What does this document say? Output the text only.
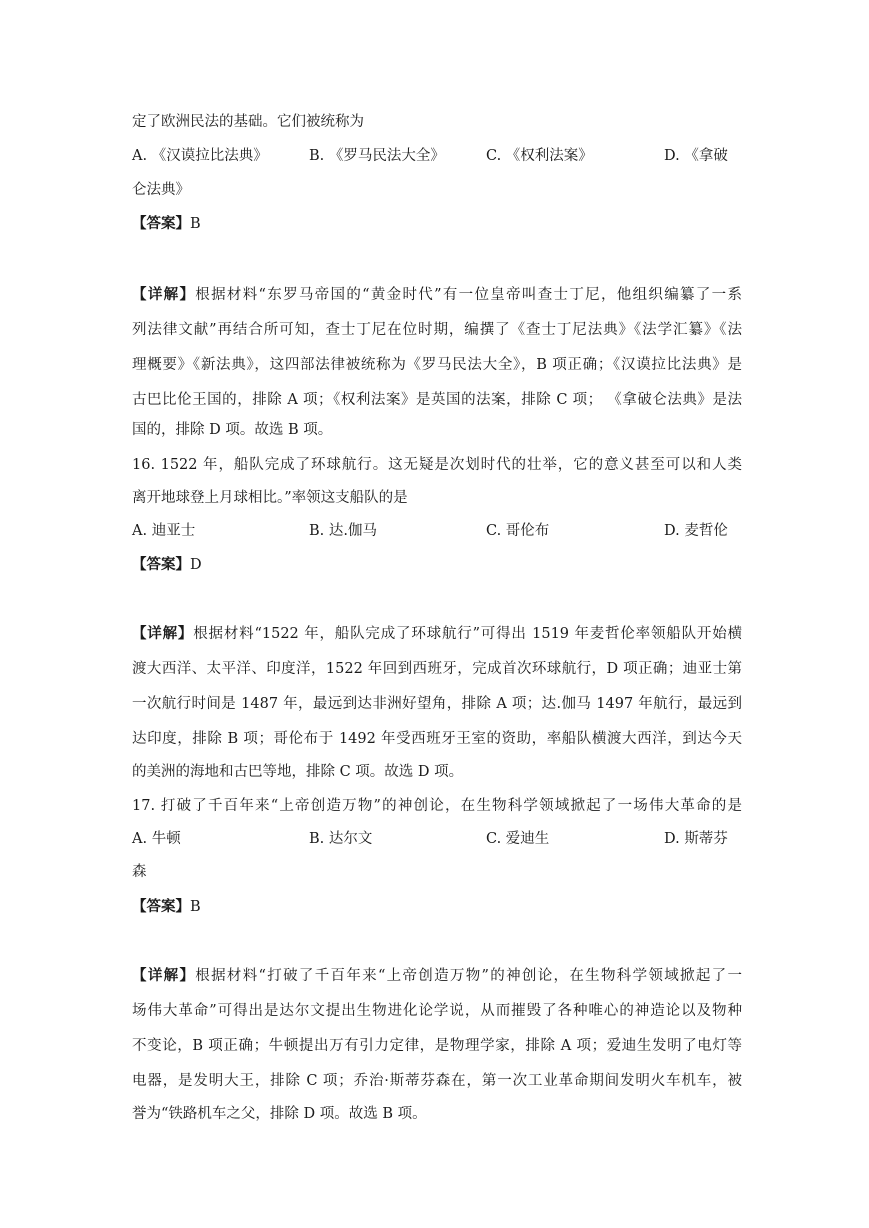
定了欧洲民法的基础。它们被统称为
A. 《汉谟拉比法典》	B. 《罗马民法大全》	C. 《权利法案》	D. 《拿破
仑法典》
【答案】B
【详解】根据材料“东罗马帝国的“黄金时代”有一位皇帝叫查士丁尼，他组织编纂了一系
列法律文献”再结合所可知，查士丁尼在位时期，编撰了《查士丁尼法典》《法学汇纂》《法
理概要》《新法典》，这四部法律被统称为《罗马民法大全》，B 项正确；《汉谟拉比法典》是
古巴比伦王国的，排除 A 项；《权利法案》是英国的法案，排除 C 项； 《拿破仑法典》是法
国的，排除 D 项。故选 B 项。
16. 1522 年，船队完成了环球航行。这无疑是次划时代的壮举，它的意义甚至可以和人类
离开地球登上月球相比。”率领这支船队的是
A. 迪亚士	B. 达.伽马	C. 哥伦布	D. 麦哲伦
【答案】D
【详解】根据材料“1522 年，船队完成了环球航行”可得出 1519 年麦哲伦率领船队开始横
渡大西洋、太平洋、印度洋，1522 年回到西班牙，完成首次环球航行，D 项正确；迪亚士第
一次航行时间是 1487 年，最远到达非洲好望角，排除 A 项；达.伽马 1497 年航行，最远到
达印度，排除 B 项；哥伦布于 1492 年受西班牙王室的资助，率船队横渡大西洋，到达今天
的美洲的海地和古巴等地，排除 C 项。故选 D 项。
17. 打破了千百年来“上帝创造万物”的神创论，在生物科学领域掀起了一场伟大革命的是
A. 牛顿	B. 达尔文	C. 爱迪生	D. 斯蒂芬
森
【答案】B
【详解】根据材料“打破了千百年来“上帝创造万物”的神创论，在生物科学领域掀起了一
场伟大革命”可得出是达尔文提出生物进化论学说，从而摧毁了各种唯心的神造论以及物种
不变论，B 项正确；牛顿提出万有引力定律，是物理学家，排除 A 项；爱迪生发明了电灯等
电器，是发明大王，排除 C 项；乔治·斯蒂芬森在，第一次工业革命期间发明火车机车，被
誉为“铁路机车之父，排除 D 项。故选 B 项。
